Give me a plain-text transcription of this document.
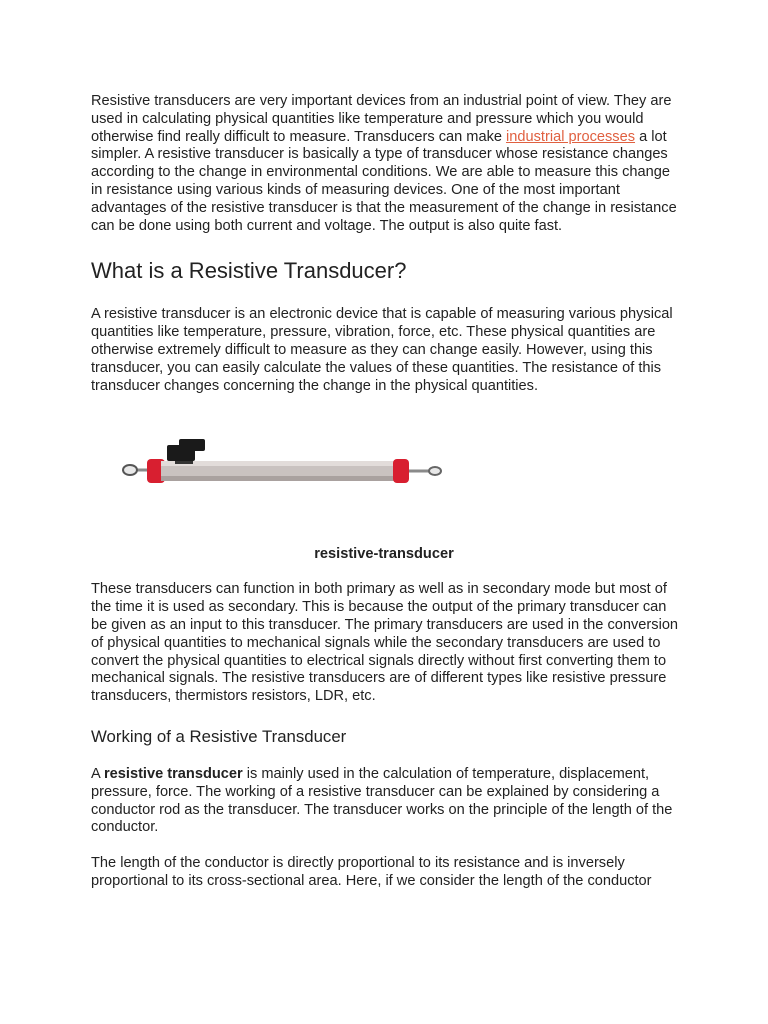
Resistive transducers are very important devices from an industrial point of view. They are used in calculating physical quantities like temperature and pressure which you would otherwise find really difficult to measure. Transducers can make industrial processes a lot simpler. A resistive transducer is basically a type of transducer whose resistance changes according to the change in environmental conditions. We are able to measure this change in resistance using various kinds of measuring devices. One of the most important advantages of the resistive transducer is that the measurement of the change in resistance can be done using both current and voltage. The output is also quite fast.

What is a Resistive Transducer?

A resistive transducer is an electronic device that is capable of measuring various physical quantities like temperature, pressure, vibration, force, etc. These physical quantities are otherwise extremely difficult to measure as they can change easily. However, using this transducer, you can easily calculate the values of these quantities. The resistance of this transducer changes concerning the change in the physical quantities.

resistive-transducer

These transducers can function in both primary as well as in secondary mode but most of the time it is used as secondary. This is because the output of the primary transducer can be given as an input to this transducer. The primary transducers are used in the conversion of physical quantities to mechanical signals while the secondary transducers are used to convert the physical quantities to electrical signals directly without first converting them to mechanical signals. The resistive transducers are of different types like resistive pressure transducers, thermistors resistors, LDR, etc.

Working of a Resistive Transducer

A resistive transducer is mainly used in the calculation of temperature, displacement, pressure, force. The working of a resistive transducer can be explained by considering a conductor rod as the transducer. The transducer works on the principle of the length of the conductor.

The length of the conductor is directly proportional to its resistance and is inversely proportional to its cross-sectional area. Here, if we consider the length of the conductor
